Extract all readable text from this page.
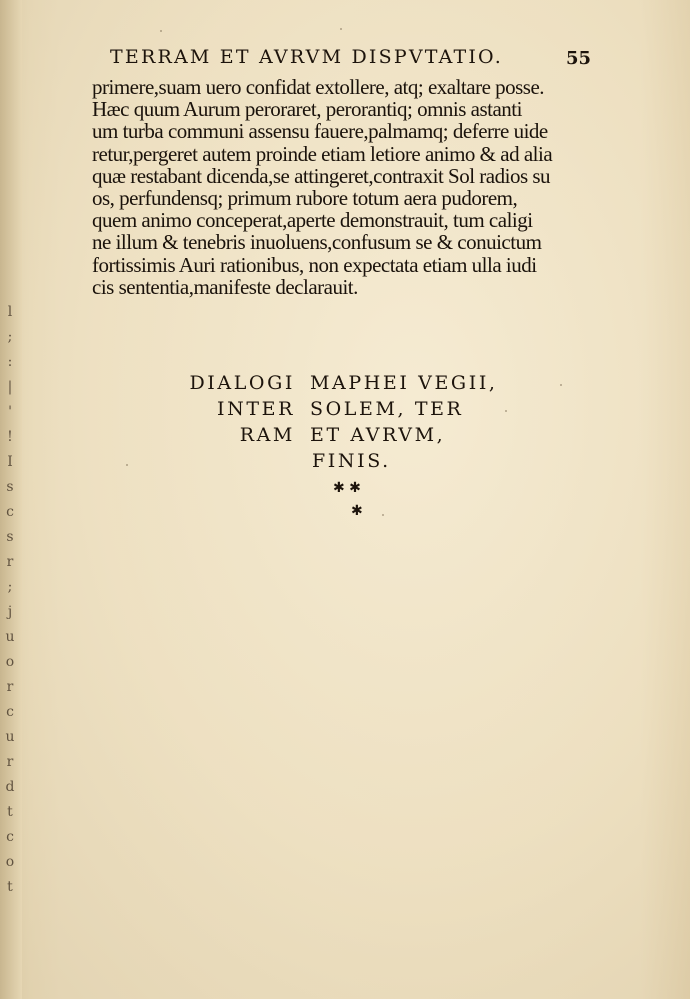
l
;
:
|
'
!
I
s
c
s
r
;
j
u
o
r
c
u
r
d
t
c
o
t
TERRAM ET AVRVM DISPVTATIO.	55
primere,suam uero confidat extollere, atq; exaltare posse.
Hæc quum Aurum peroraret, perorantiq; omnis astanti
um turba communi assensu fauere,palmamq; deferre uide
retur,pergeret autem proinde etiam letiore animo & ad alia
quæ restabant dicenda,se attingeret,contraxit Sol radios su
os, perfundensq; primum rubore totum aera pudorem,
quem animo conceperat,aperte demonstrauit, tum caligi
ne illum & tenebris inuoluens,confusum se & conuictum
fortissimis Auri rationibus, non expectata etiam ulla iudi
cis sententia,manifeste declarauit.
DIALOGI MAPHEI VEGII,
INTER SOLEM, TER
RAM ET AVRVM,
FINIS.
✱ ✱
✱
